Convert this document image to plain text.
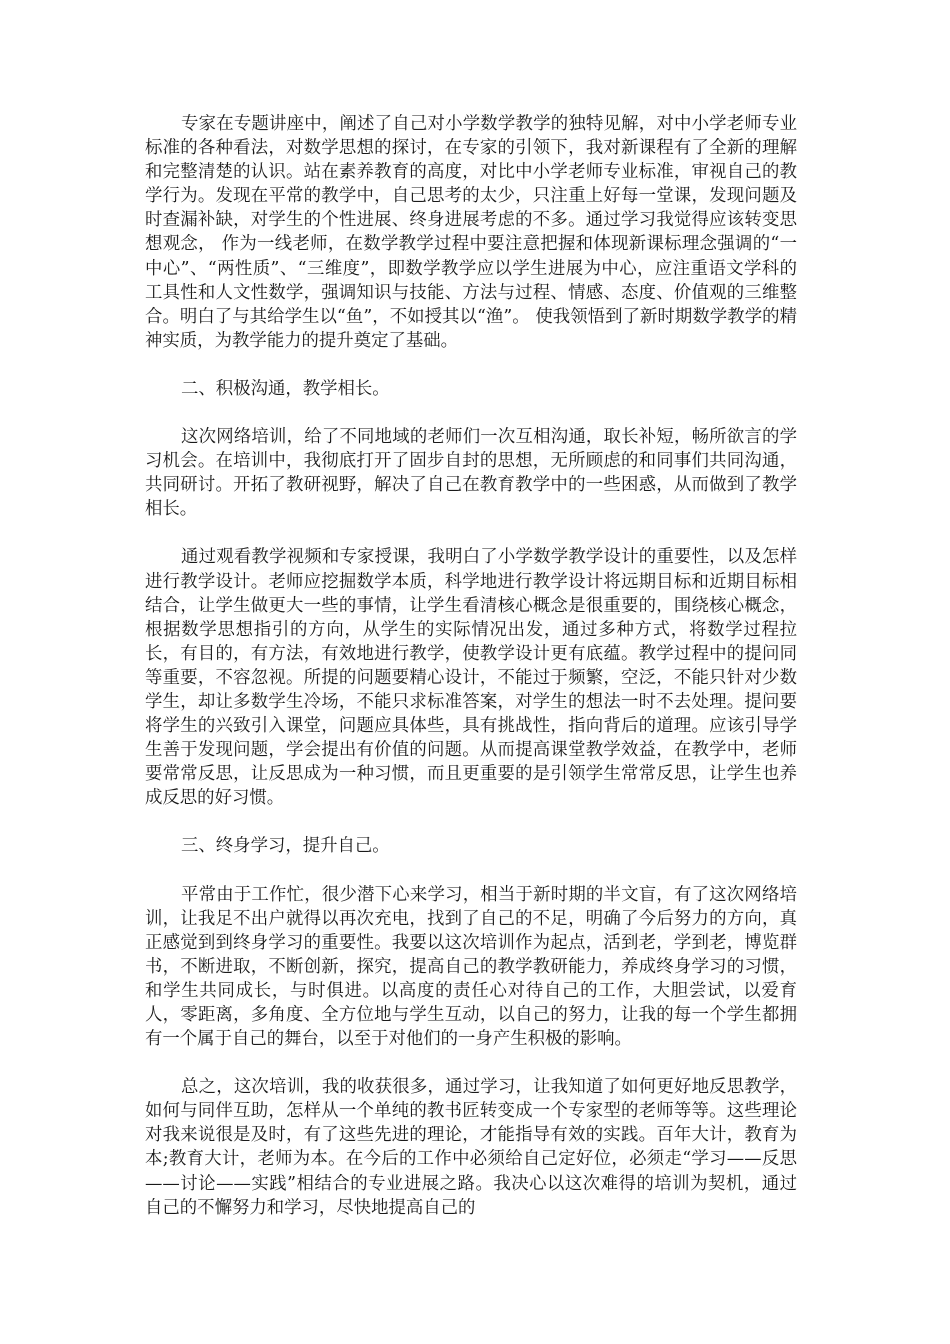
专家在专题讲座中，阐述了自己对小学数学教学的独特见解，对中小学老师专业标准的各种看法，对数学思想的探讨，在专家的引领下，我对新课程有了全新的理解和完整清楚的认识。站在素养教育的高度，对比中小学老师专业标准，审视自己的教学行为。发现在平常的教学中，自己思考的太少，只注重上好每一堂课，发现问题及时查漏补缺，对学生的个性进展、终身进展考虑的不多。通过学习我觉得应该转变思想观念， 作为一线老师，在数学教学过程中要注意把握和体现新课标理念强调的“一中心”、“两性质”、“三维度”，即数学教学应以学生进展为中心，应注重语文学科的工具性和人文性数学，强调知识与技能、方法与过程、情感、态度、价值观的三维整合。明白了与其给学生以“鱼”，不如授其以“渔”。 使我领悟到了新时期数学教学的精神实质，为教学能力的提升奠定了基础。

二、积极沟通，教学相长。

这次网络培训，给了不同地域的老师们一次互相沟通，取长补短，畅所欲言的学习机会。在培训中，我彻底打开了固步自封的思想，无所顾虑的和同事们共同沟通，共同研讨。开拓了教研视野，解决了自己在教育教学中的一些困惑，从而做到了教学相长。

通过观看教学视频和专家授课，我明白了小学数学教学设计的重要性，以及怎样进行教学设计。老师应挖掘数学本质，科学地进行教学设计将远期目标和近期目标相结合，让学生做更大一些的事情，让学生看清核心概念是很重要的，围绕核心概念，根据数学思想指引的方向，从学生的实际情况出发，通过多种方式，将数学过程拉长，有目的，有方法，有效地进行教学，使教学设计更有底蕴。教学过程中的提问同等重要，不容忽视。所提的问题要精心设计，不能过于频繁，空泛，不能只针对少数学生，却让多数学生冷场，不能只求标准答案，对学生的想法一时不去处理。提问要将学生的兴致引入课堂，问题应具体些，具有挑战性，指向背后的道理。应该引导学生善于发现问题，学会提出有价值的问题。从而提高课堂教学效益，在教学中，老师要常常反思，让反思成为一种习惯，而且更重要的是引领学生常常反思，让学生也养成反思的好习惯。

三、终身学习，提升自己。

平常由于工作忙，很少潜下心来学习，相当于新时期的半文盲，有了这次网络培训，让我足不出户就得以再次充电，找到了自己的不足，明确了今后努力的方向，真正感觉到到终身学习的重要性。我要以这次培训作为起点，活到老，学到老，博览群书，不断进取，不断创新，探究，提高自己的教学教研能力，养成终身学习的习惯，和学生共同成长，与时俱进。以高度的责任心对待自己的工作，大胆尝试，以爱育人，零距离，多角度、全方位地与学生互动，以自己的努力，让我的每一个学生都拥有一个属于自己的舞台，以至于对他们的一身产生积极的影响。

总之，这次培训，我的收获很多，通过学习，让我知道了如何更好地反思教学，如何与同伴互助，怎样从一个单纯的教书匠转变成一个专家型的老师等等。这些理论对我来说很是及时，有了这些先进的理论，才能指导有效的实践。百年大计，教育为本;教育大计，老师为本。在今后的工作中必须给自己定好位，必须走“学习——反思——讨论——实践”相结合的专业进展之路。我决心以这次难得的培训为契机，通过自己的不懈努力和学习，尽快地提高自己的
